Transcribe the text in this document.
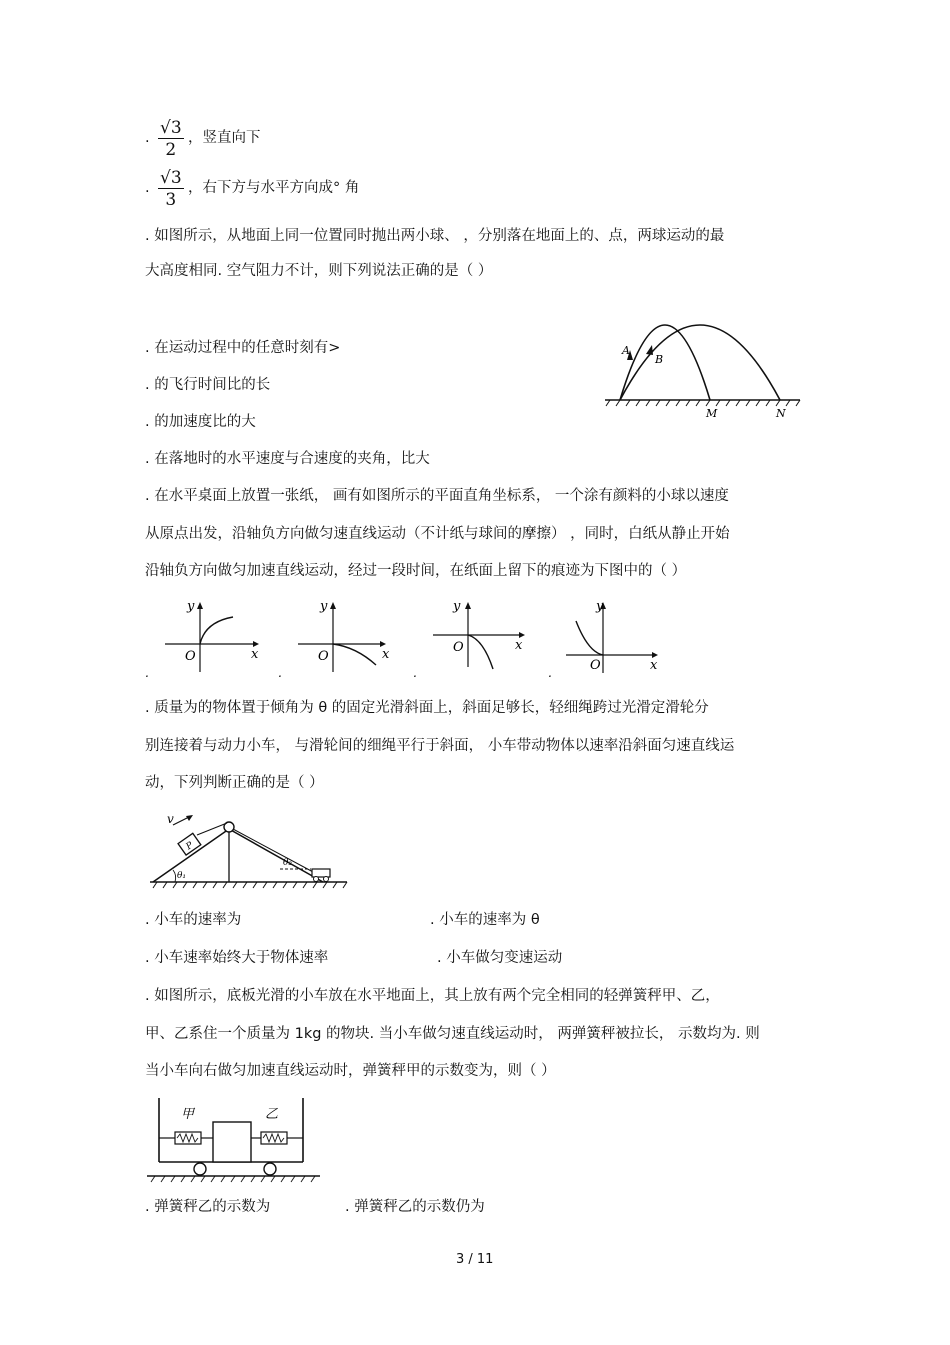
. $\frac{√3}{2}$ ，竖直向下
. $\frac{√3}{3}$ ，右下方与水平方向成° 角
. 如图所示，从地面上同一位置同时抛出两小球、 ，分别落在地面上的、点，两球运动的最
大高度相同. 空气阻力不计，则下列说法正确的是（ ）
. 在运动过程中的任意时刻有>
. 的飞行时间比的长
. 的加速度比的大
. 在落地时的水平速度与合速度的夹角，比大
A
B
M	N
. 在水平桌面上放置一张纸， 画有如图所示的平面直角坐标系， 一个涂有颜料的小球以速度
从原点出发，沿轴负方向做匀速直线运动（不计纸与球间的摩擦） ，同时，白纸从静止开始
沿轴负方向做匀加速直线运动，经过一段时间，在纸面上留下的痕迹为下图中的（ ）
.
y
x
O
.
y
x
O
.
y
x
O
.
y
x
O
. 质量为的物体置于倾角为 θ 的固定光滑斜面上，斜面足够长，轻细绳跨过光滑定滑轮分
别连接着与动力小车， 与滑轮间的细绳平行于斜面， 小车带动物体以速率沿斜面匀速直线运
动，下列判断正确的是（ ）
P
v
θ₁
θ₂
. 小车的速率为	. 小车的速率为 θ
. 小车速率始终大于物体速率	. 小车做匀变速运动
. 如图所示，底板光滑的小车放在水平地面上，其上放有两个完全相同的轻弹簧秤甲、乙，
甲、乙系住一个质量为 1kg 的物块. 当小车做匀速直线运动时， 两弹簧秤被拉长， 示数均为. 则
当小车向右做匀加速直线运动时，弹簧秤甲的示数变为，则（ ）
甲	乙
. 弹簧秤乙的示数为	. 弹簧秤乙的示数仍为
3 / 11
